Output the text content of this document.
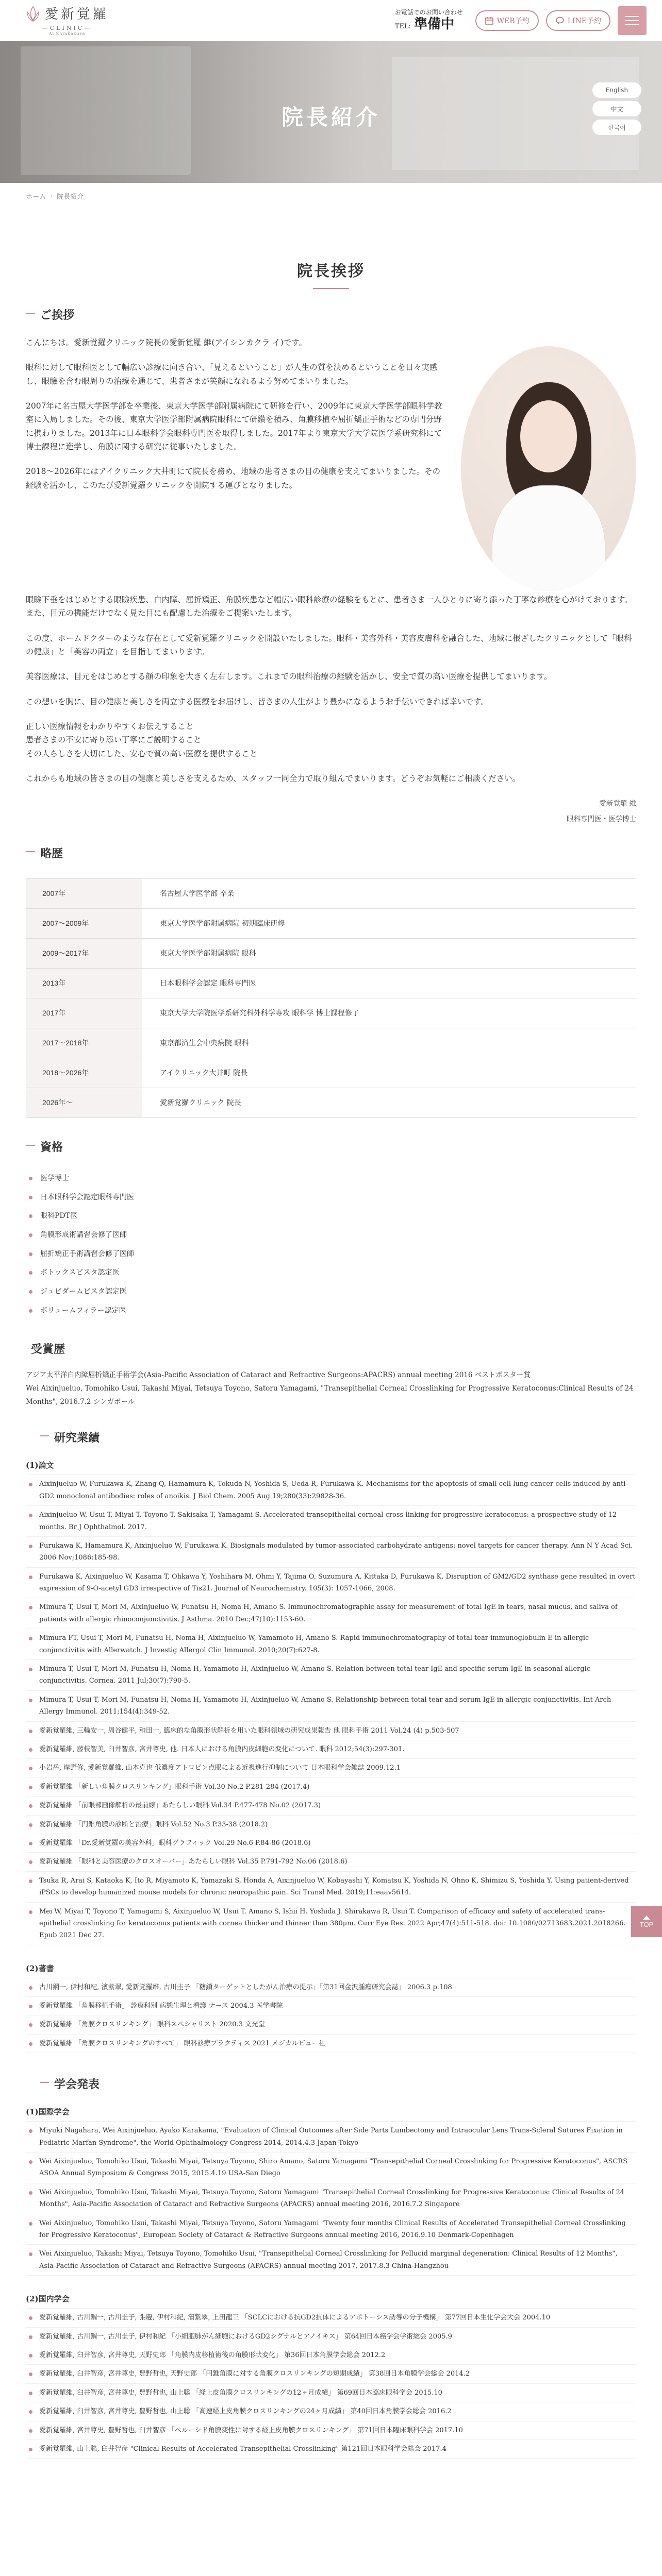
愛新覚羅
—CLINIC—
Ai Shinkakura
お電話でのお問い合わせ
TEL: 準備中	WEB予約	LINE予約
院長紹介
English
中文
한국어
ホーム › 院長紹介
院長挨拶
ご挨拶

こんにちは。愛新覚羅クリニック院長の愛新覚羅 維(アイシンカクラ イ)です。

眼科に対して眼科医として幅広い診療に向き合い、「見えるということ」が人生の質を決めるということを日々実感し、眼瞼を含む眼周りの治療を通じて、患者さまが笑顔になれるよう努めてまいりました。

2007年に名古屋大学医学部を卒業後、東京大学医学部附属病院にて研修を行い、2009年に東京大学医学部眼科学教室に入局しました。その後、東京大学医学部附属病院眼科にて研鑽を積み、角膜移植や屈折矯正手術などの専門分野に携わりました。2013年に日本眼科学会眼科専門医を取得しました。2017年より東京大学大学院医学系研究科にて博士課程に進学し、角膜に関する研究に従事いたしました。

2018〜2026年にはアイクリニック大井町にて院長を務め、地域の患者さまの目の健康を支えてまいりました。その経験を活かし、このたび愛新覚羅クリニックを開院する運びとなりました。

眼瞼下垂をはじめとする眼瞼疾患、白内障、屈折矯正、角膜疾患など幅広い眼科診療の経験をもとに、患者さま一人ひとりに寄り添った丁寧な診療を心がけております。また、目元の機能だけでなく見た目にも配慮した治療をご提案いたします。

この度、ホームドクターのような存在として愛新覚羅クリニックを開設いたしました。眼科・美容外科・美容皮膚科を融合した、地域に根ざしたクリニックとして「眼科の健康」と「美容の両立」を目指してまいります。

美容医療は、目元をはじめとする顔の印象を大きく左右します。これまでの眼科治療の経験を活かし、安全で質の高い医療を提供してまいります。

この想いを胸に、目の健康と美しさを両立する医療をお届けし、皆さまの人生がより豊かになるようお手伝いできれば幸いです。

正しい医療情報をわかりやすくお伝えすること
患者さまの不安に寄り添い丁寧にご説明すること
その人らしさを大切にした、安心で質の高い医療を提供すること

これからも地域の皆さまの目の健康と美しさを支えるため、スタッフ一同全力で取り組んでまいります。どうぞお気軽にご相談ください。

愛新覚羅 維
眼科専門医・医学博士
略歴
2007年	名古屋大学医学部 卒業
2007〜2009年	東京大学医学部附属病院 初期臨床研修
2009〜2017年	東京大学医学部附属病院 眼科
2013年	日本眼科学会認定 眼科専門医
2017年	東京大学大学院医学系研究科外科学専攻 眼科学 博士課程修了
2017〜2018年	東京都済生会中央病院 眼科
2018〜2026年	アイクリニック大井町 院長
2026年〜	愛新覚羅クリニック 院長
資格
医学博士
日本眼科学会認定眼科専門医
眼科PDT医
角膜形成術講習会修了医師
屈折矯正手術講習会修了医師
ボトックスビスタ認定医
ジュビダームビスタ認定医
ボリュームフィラー認定医
受賞歴

アジア太平洋白内障屈折矯正手術学会(Asia-Pacific Association of Cataract and Refractive Surgeons:APACRS) annual meeting 2016 ベストポスター賞

Wei Aixinjueluo, Tomohiko Usui, Takashi Miyai, Tetsuya Toyono, Satoru Yamagami, "Transepithelial Corneal Crosslinking for Progressive Keratoconus:Clinical Results of 24 Months", 2016.7.2 シンガポール

研究業績
(1)論文
Aixinjueluo W, Furukawa K, Zhang Q, Hamamura K, Tokuda N, Yoshida S, Ueda R, Furukawa K. Mechanisms for the apoptosis of small cell lung cancer cells induced by anti-GD2 monoclonal antibodies: roles of anoikis. J Biol Chem. 2005 Aug 19;280(33):29828-36.
Aixinjueluo W, Usui T, Miyai T, Toyono T, Sakisaka T, Yamagami S. Accelerated transepithelial corneal cross-linking for progressive keratoconus: a prospective study of 12 months. Br J Ophthalmol. 2017.
Furukawa K, Hamamura K, Aixinjueluo W, Furukawa K. Biosignals modulated by tumor-associated carbohydrate antigens: novel targets for cancer therapy. Ann N Y Acad Sci. 2006 Nov;1086:185-98.
Furukawa K, Aixinjueluo W, Kasama T, Ohkawa Y, Yoshihara M, Ohmi Y, Tajima O, Suzumura A, Kittaka D, Furukawa K. Disruption of GM2/GD2 synthase gene resulted in overt expression of 9-O-acetyl GD3 irrespective of Tis21. Journal of Neurochemistry. 105(3): 1057-1066, 2008.
Mimura T, Usui T, Mori M, Aixinjueluo W, Funatsu H, Noma H, Amano S. Immunochromatographic assay for measurement of total IgE in tears, nasal mucus, and saliva of patients with allergic rhinoconjunctivitis. J Asthma. 2010 Dec;47(10):1153-60.
Mimura FT, Usui T, Mori M, Funatsu H, Noma H, Aixinjueluo W, Yamamoto H, Amano S. Rapid immunochromatography of total tear immunoglobulin E in allergic conjunctivitis with Allerwatch. J Investig Allergol Clin Immunol. 2010;20(7):627-8.
Mimura T, Usui T, Mori M, Funatsu H, Noma H, Yamamoto H, Aixinjueluo W, Amano S. Relation between total tear IgE and specific serum IgE in seasonal allergic conjunctivitis. Cornea. 2011 Jul;30(7):790-5.
Mimura T, Usui T, Mori M, Funatsu H, Noma H, Yamamoto H, Aixinjueluo W, Amano S. Relationship between total tear and serum IgE in allergic conjunctivitis. Int Arch Allergy Immunol. 2011;154(4):349-52.
愛新覚羅維, 三輪安一, 周谷健平, 和田一, 臨床的な角膜形状解析を用いた眼科領域の研究成果報告 他 眼科手術 2011 Vol.24 (4) p.503-507
愛新覚羅維, 藤枝智美, 臼井智彦, 宮井尊史, 他. 日本人における角膜内皮細胞の変化について. 眼科 2012;54(3):297-301.
小岩岳, 岸野修, 愛新覚羅維, 山本克也 低濃度アトロピン点眼による近視進行抑制について 日本眼科学会雑誌 2009.12.1
愛新覚羅維 「新しい角膜クロスリンキング」眼科手術 Vol.30 No.2 P.281-284 (2017.4)
愛新覚羅維 「前眼部画像解析の最前線」あたらしい眼科 Vol.34 P.477-478 No.02 (2017.3)
愛新覚羅維 「円錐角膜の診断と治療」眼科 Vol.52 No.3 P.33-38 (2018.2)
愛新覚羅維 「Dr.愛新覚羅の美容外科」眼科グラフィック Vol.29 No.6 P.84-86 (2018.6)
愛新覚羅維 「眼科と美容医療のクロスオーバー」あたらしい眼科 Vol.35 P.791-792 No.06 (2018.6)
Tsuka R, Arai S, Kataoka K, Ito R, Miyamoto K, Yamazaki S, Honda A, Aixinjueluo W, Kobayashi Y, Komatsu K, Yoshida N, Ohno K, Shimizu S, Yoshida Y. Using patient-derived iPSCs to develop humanized mouse models for chronic neuropathic pain. Sci Transl Med. 2019;11:eaav5614.
Mei W, Miyai T, Toyono T, Yamagami S, Aixinjueluo W, Usui T. Amano S, Ishii H. Yoshida J. Shirakawa R, Usui T. Comparison of efficacy and safety of accelerated trans-epithelial crosslinking for keratoconus patients with cornea thicker and thinner than 380μm. Curr Eye Res. 2022 Apr;47(4):511-518. doi: 10.1080/02713683.2021.2018266. Epub 2021 Dec 27.
(2)著書
古川鋼一, 伊村和紀, 濱紫翠, 愛新覚羅維, 古川圭子 「糖鎖ターゲットとしたがん治療の提示」「第31回金沢腫瘍研究会誌」 2006.3 p.108
愛新覚羅維 「角膜移植手術」 診療科別 病態生理と看護 ナース 2004.3 医学書院
愛新覚羅維 「角膜クロスリンキング」 眼科スペシャリスト 2020.3 文光堂
愛新覚羅維 「角膜クロスリンキングのすべて」 眼科診療プラクティス 2021 メジカルビュー社
学会発表
(1)国際学会
Miyuki Nagahara, Wei Aixinjueluo, Ayako Karakama, "Evaluation of Clinical Outcomes after Side Parts Lumbectomy and Intraocular Lens Trans-Scleral Sutures Fixation in Pediatric Marfan Syndrome", the World Ophthalmology Congress 2014, 2014.4.3 Japan-Tokyo
Wei Aixinjueluo, Tomohiko Usui, Takashi Miyai, Tetsuya Toyono, Shiro Amano, Satoru Yamagami "Transepithelial Corneal Crosslinking for Progressive Keratoconus", ASCRS ASOA Annual Symposium & Congress 2015, 2015.4.19 USA-San Diego
Wei Aixinjueluo, Tomohiko Usui, Takashi Miyai, Tetsuya Toyono, Satoru Yamagami "Transepithelial Corneal Crosslinking for Progressive Keratoconus: Clinical Results of 24 Months", Asia-Pacific Association of Cataract and Refractive Surgeons (APACRS) annual meeting 2016, 2016.7.2 Singapore
Wei Aixinjueluo, Tomohiko Usui, Takashi Miyai, Tetsuya Toyono, Satoru Yamagami "Twenty four months Clinical Results of Accelerated Transepithelial Corneal Crosslinking for Progressive Keratoconus", European Society of Cataract & Refractive Surgeons annual meeting 2016, 2016.9.10 Denmark-Copenhagen
Wei Aixinjueluo, Takashi Miyai, Tetsuya Toyono, Tomohiko Usui, "Transepithelial Corneal Crosslinking for Pellucid marginal degeneration: Clinical Results of 12 Months", Asia-Pacific Association of Cataract and Refractive Surgeons (APACRS) annual meeting 2017, 2017.8.3 China-Hangzhou
(2)国内学会
愛新覚羅維, 古川鋼一, 古川圭子, 張慶, 伊村和紀, 濱紫翠, 上田龍三 「SCLCにおける抗GD2抗体によるアポトーシス誘導の分子機構」 第77回日本生化学会大会 2004.10
愛新覚羅維, 古川鋼一, 古川圭子, 伊村和紀 「小細胞肺がん細胞におけるGD2シグナルとアノイキス」 第64回日本癌学会学術総会 2005.9
愛新覚羅維, 臼井智彦, 宮井尊史, 天野史郎 「角膜内皮移植術後の角膜形状変化」 第36回日本角膜学会総会 2012.2
愛新覚羅維, 臼井智彦, 宮井尊史, 豊野哲也, 天野史郎 「円錐角膜に対する角膜クロスリンキングの短期成績」 第38回日本角膜学会総会 2014.2
愛新覚羅維, 臼井智彦, 宮井尊史, 豊野哲也, 山上聡 「経上皮角膜クロスリンキングの12ヶ月成績」 第69回日本臨床眼科学会 2015.10
愛新覚羅維, 臼井智彦, 宮井尊史, 豊野哲也, 山上聡 「高速経上皮角膜クロスリンキングの24ヶ月成績」 第40回日本角膜学会総会 2016.2
愛新覚羅維, 宮井尊史, 豊野哲也, 臼井智彦 「ペルーシド角膜変性に対する経上皮角膜クロスリンキング」 第71回日本臨床眼科学会 2017.10
愛新覚羅維, 山上聡, 臼井智彦 "Clinical Results of Accelerated Transepithelial Crosslinking" 第121回日本眼科学会総会 2017.4
TOP
